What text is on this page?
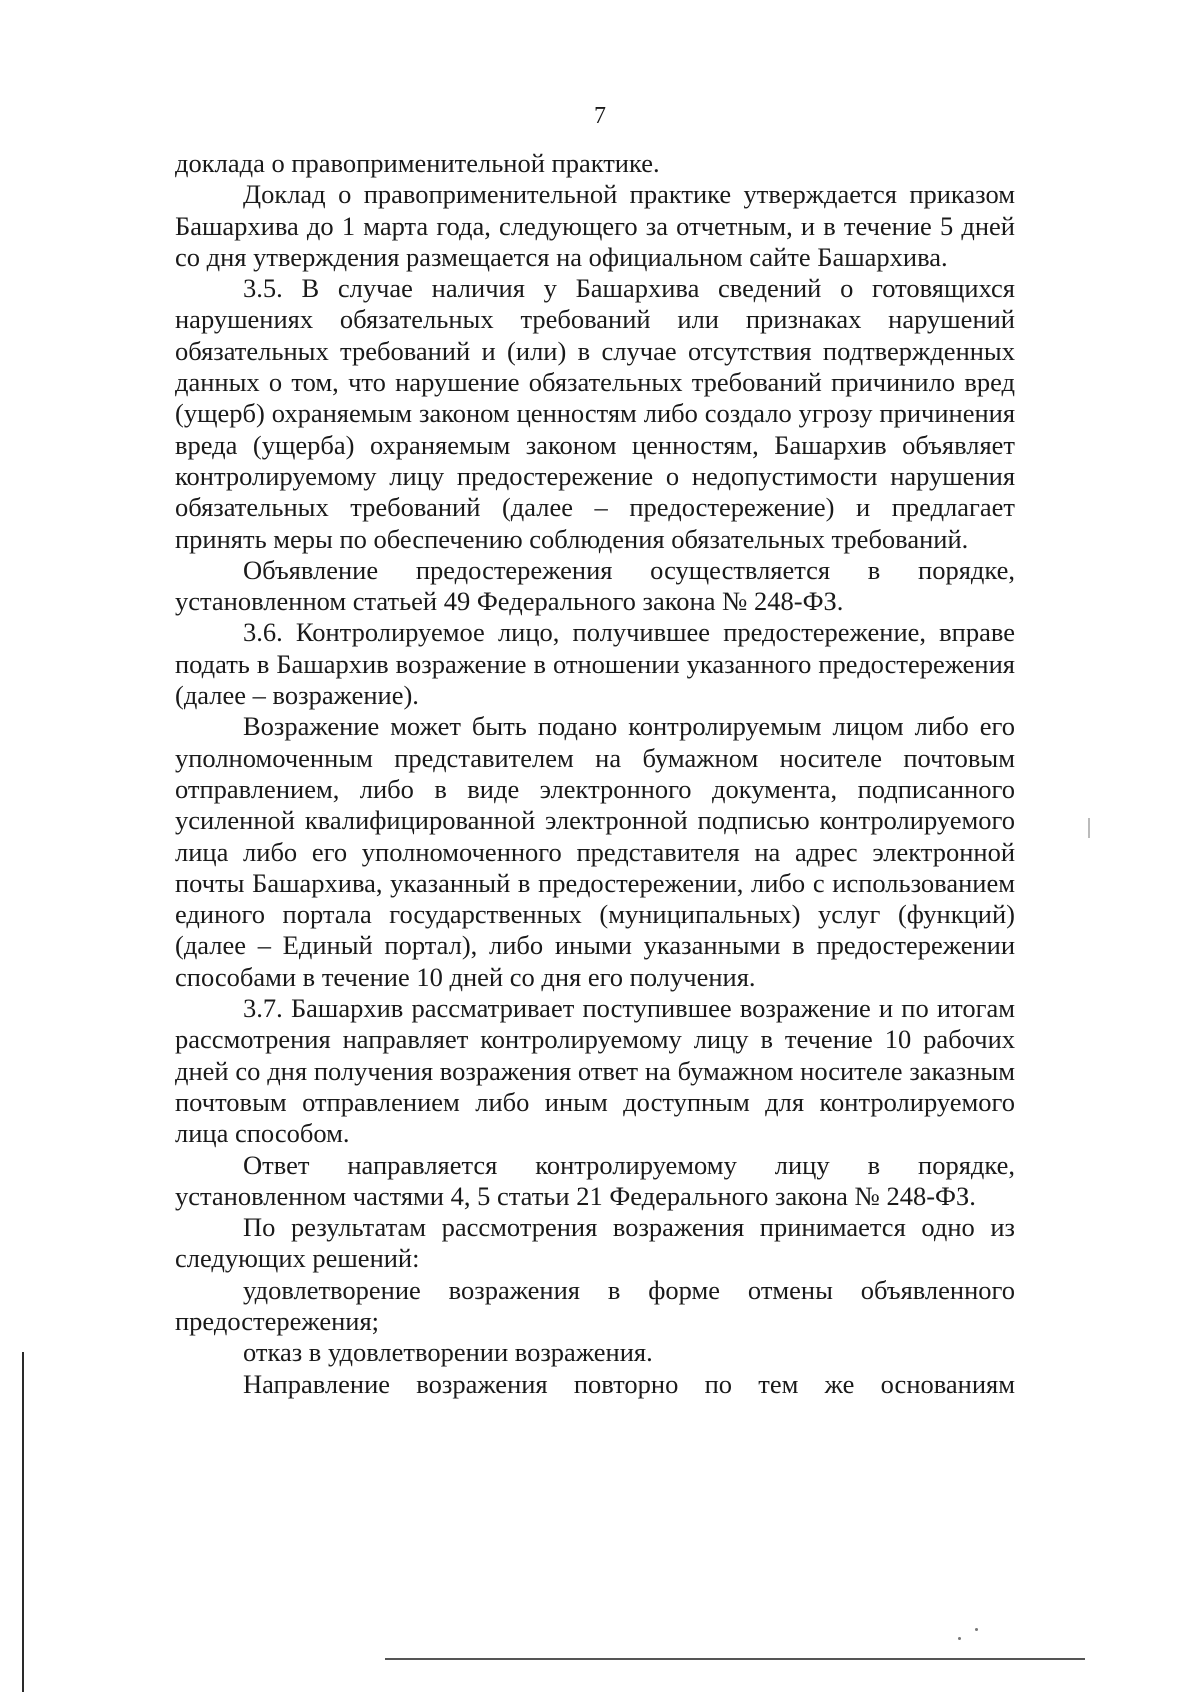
7

доклада о правоприменительной практике.

Доклад о правоприменительной практике утверждается приказом Башархива до 1 марта года, следующего за отчетным, и в течение 5 дней со дня утверждения размещается на официальном сайте Башархива.

3.5. В случае наличия у Башархива сведений о готовящихся нарушениях обязательных требований или признаках нарушений обязательных требований и (или) в случае отсутствия подтвержденных данных о том, что нарушение обязательных требований причинило вред (ущерб) охраняемым законом ценностям либо создало угрозу причинения вреда (ущерба) охраняемым законом ценностям, Башархив объявляет контролируемому лицу предостережение о недопустимости нарушения обязательных требований (далее – предостережение) и предлагает принять меры по обеспечению соблюдения обязательных требований.

Объявление предостережения осуществляется в порядке, установленном статьей 49 Федерального закона № 248-ФЗ.

3.6. Контролируемое лицо, получившее предостережение, вправе подать в Башархив возражение в отношении указанного предостережения (далее – возражение).

Возражение может быть подано контролируемым лицом либо его уполномоченным представителем на бумажном носителе почтовым отправлением, либо в виде электронного документа, подписанного усиленной квалифицированной электронной подписью контролируемого лица либо его уполномоченного представителя на адрес электронной почты Башархива, указанный в предостережении, либо с использованием единого портала государственных (муниципальных) услуг (функций) (далее – Единый портал), либо иными указанными в предостережении способами в течение 10 дней со дня его получения.

3.7. Башархив рассматривает поступившее возражение и по итогам рассмотрения направляет контролируемому лицу в течение 10 рабочих дней со дня получения возражения ответ на бумажном носителе заказным почтовым отправлением либо иным доступным для контролируемого лица способом.

Ответ направляется контролируемому лицу в порядке, установленном частями 4, 5 статьи 21 Федерального закона № 248-ФЗ.

По результатам рассмотрения возражения принимается одно из следующих решений:

удовлетворение возражения в форме отмены объявленного предостережения;

отказ в удовлетворении возражения.

Направление возражения повторно по тем же основаниям
